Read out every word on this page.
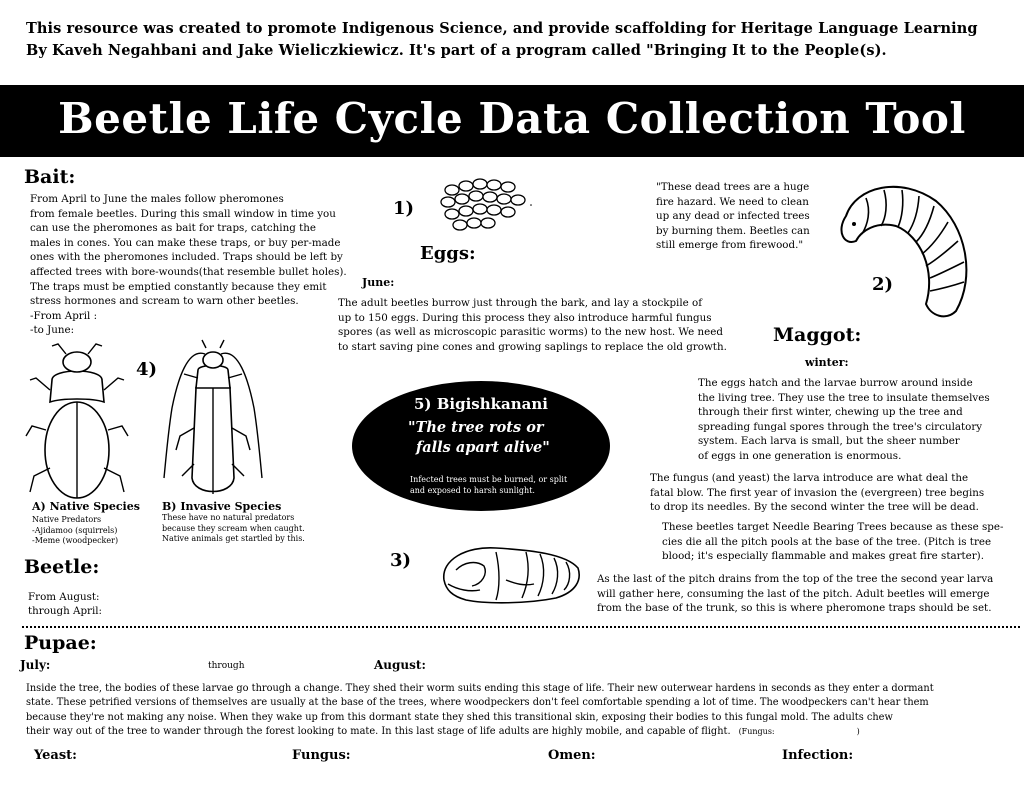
This resource was created to promote Indigenous Science, and provide scaffolding for Heritage Language Learning
By Kaveh Negahbani and Jake Wieliczkiewicz. It's part of a program called "Bringing It to the People(s).
Beetle Life Cycle Data Collection Tool
Bait:
From April to June the males follow pheromones
from female beetles. During this small window in time you
can use the pheromones as bait for traps, catching the
males in cones. You can make these traps, or buy per-made
ones with the pheromones included. Traps should be left by
affected trees with bore-wounds(that resemble bullet holes).
The traps must be emptied constantly because they emit
stress hormones and scream to warn other beetles.
-From April :
-to June:
1)
Eggs:
June:
The adult beetles burrow just through the bark, and lay a stockpile of
up to 150 eggs. During this process they also introduce harmful fungus
spores (as well as microscopic parasitic worms) to the new host. We need
to start saving pine cones and growing saplings to replace the old growth.
"These dead trees are a huge
fire hazard. We need to clean
up any dead or infected trees
by burning them. Beetles can
still emerge from firewood."
2)
Maggot:
winter:
The eggs hatch and the larvae burrow around inside
the living tree. They use the tree to insulate themselves
through their first winter, chewing up the tree and
spreading fungal spores through the tree's circulatory
system. Each larva is small, but the sheer number
of eggs in one generation is enormous.
The fungus (and yeast) the larva introduce are what deal the
fatal blow. The first year of invasion the (evergreen) tree begins
to drop its needles. By the second winter the tree will be dead.
These beetles target Needle Bearing Trees because as these spe-
cies die all the pitch pools at the base of the tree. (Pitch is tree
blood; it's especially flammable and makes great fire starter).
4)
A) Native Species
Native Predators
-Ajidamoo (squirrels)
-Meme (woodpecker)
B) Invasive Species
These have no natural predators
because they scream when caught.
Native animals get startled by this.
5) Bigishkanani
"The tree rots or
falls apart alive"
Infected trees must be burned, or split
and exposed to harsh sunlight.
3)
As the last of the pitch drains from the top of the tree the second year larva
will gather here, consuming the last of the pitch. Adult beetles will emerge
from the base of the trunk, so this is where pheromone traps should be set.
Beetle:
From August:
through April:
Pupae:
July:	through	August:
Inside the tree, the bodies of these larvae go through a change. They shed their worm suits ending this stage of life. Their new outerwear hardens in seconds as they enter a dormant
state. These petrified versions of themselves are usually at the base of the trees, where woodpeckers don't feel comfortable spending a lot of time. The woodpeckers can't hear them
because they're not making any noise. When they wake up from this dormant state they shed this transitional skin, exposing their bodies to this fungal mold. The adults chew
their way out of the tree to wander through the forest looking to mate. In this last stage of life adults are highly mobile, and capable of flight. (Fungus:	)
Yeast:	Fungus:	Omen:	Infection:
